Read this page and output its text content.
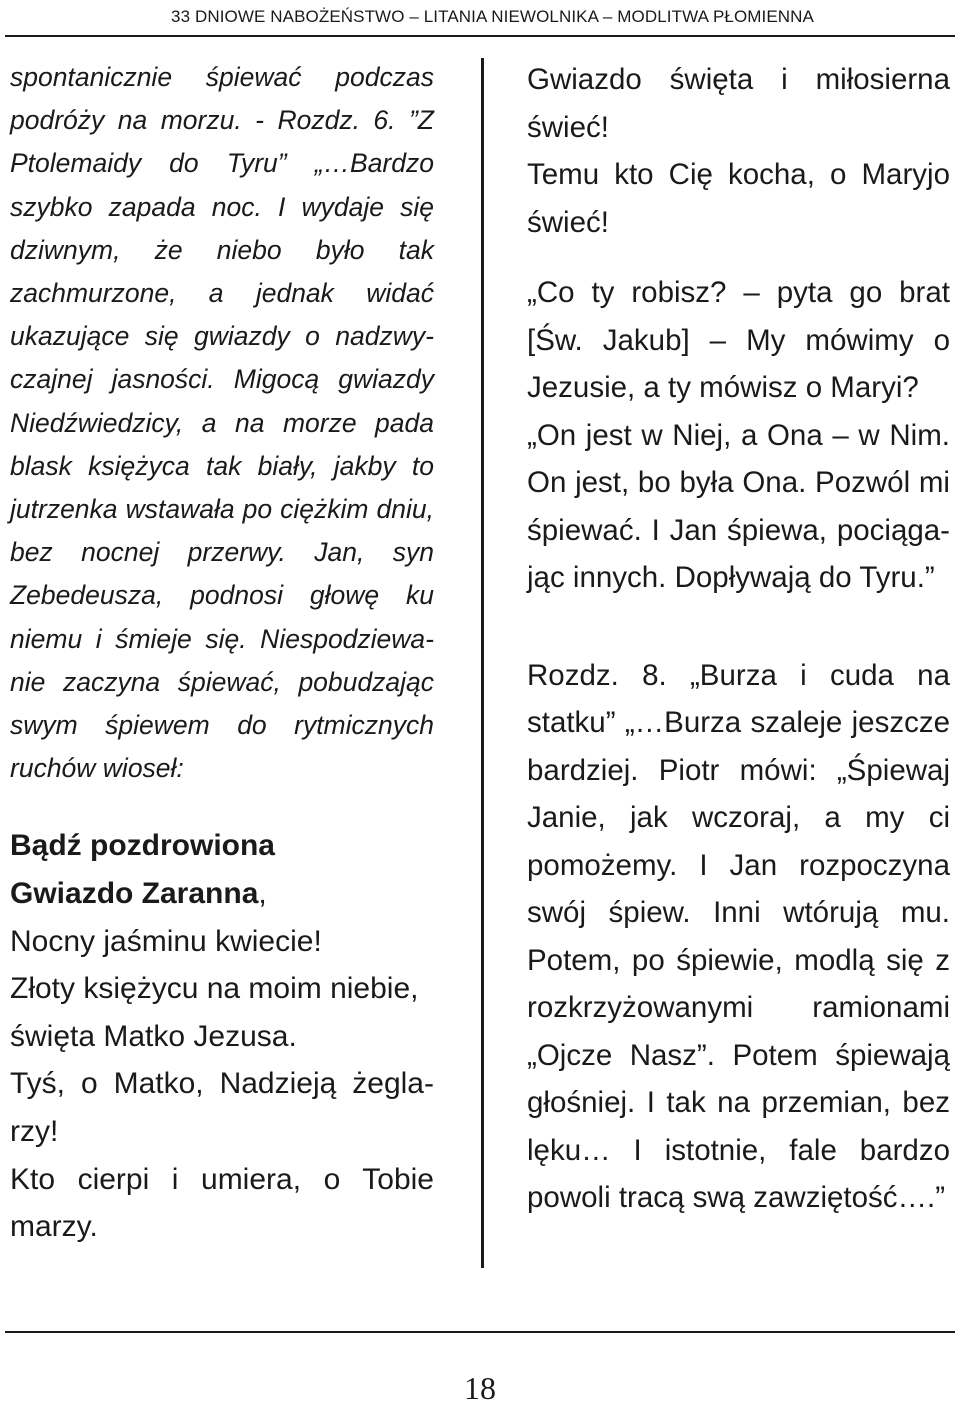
33 DNIOWE NABOŻEŃSTWO – LITANIA NIEWOLNIKA – MODLITWA PŁOMIENNA

spontanicznie śpiewać podczas podróży na morzu. - Rozdz. 6. ”Z Ptolemaidy do Tyru” „…Bardzo szybko zapada noc. I wydaje się dziwnym, że niebo było tak zachmurzone, a jednak widać ukazujące się gwiazdy o nadzwy-czajnej jasności. Migocą gwiazdy Niedźwiedzicy, a na morze pada blask księżyca tak biały, jakby to jutrzenka wstawała po ciężkim dniu, bez nocnej przerwy. Jan, syn Zebedeusza, podnosi głowę ku niemu i śmieje się. Niespodziewa-nie zaczyna śpiewać, pobudzając swym śpiewem do rytmicznych ruchów wioseł:

Bądź pozdrowiona
Gwiazdo Zaranna,
Nocny jaśminu kwiecie!
Złoty księżycu na moim niebie,
święta Matko Jezusa.
Tyś, o Matko, Nadzieją żegla-rzy!
Kto cierpi i umiera, o Tobie marzy.

Gwiazdo święta i miłosierna świeć!

Temu kto Cię kocha, o Maryjo świeć!

„Co ty robisz? – pyta go brat [Św. Jakub] – My mówimy o Jezusie, a ty mówisz o Maryi?

„On jest w Niej, a Ona – w Nim. On jest, bo była Ona. Pozwól mi śpiewać. I Jan śpiewa, pociąga-jąc innych. Dopływają do Tyru.”

Rozdz. 8. „Burza i cuda na statku” „…Burza szaleje jeszcze bardziej. Piotr mówi: „Śpiewaj Janie, jak wczoraj, a my ci pomożemy. I Jan rozpoczyna swój śpiew. Inni wtórują mu. Potem, po śpiewie, modlą się z rozkrzyżowanymi ramionami „Ojcze Nasz”. Potem śpiewają głośniej. I tak na przemian, bez lęku… I istotnie, fale bardzo powoli tracą swą zawziętość….”

18
